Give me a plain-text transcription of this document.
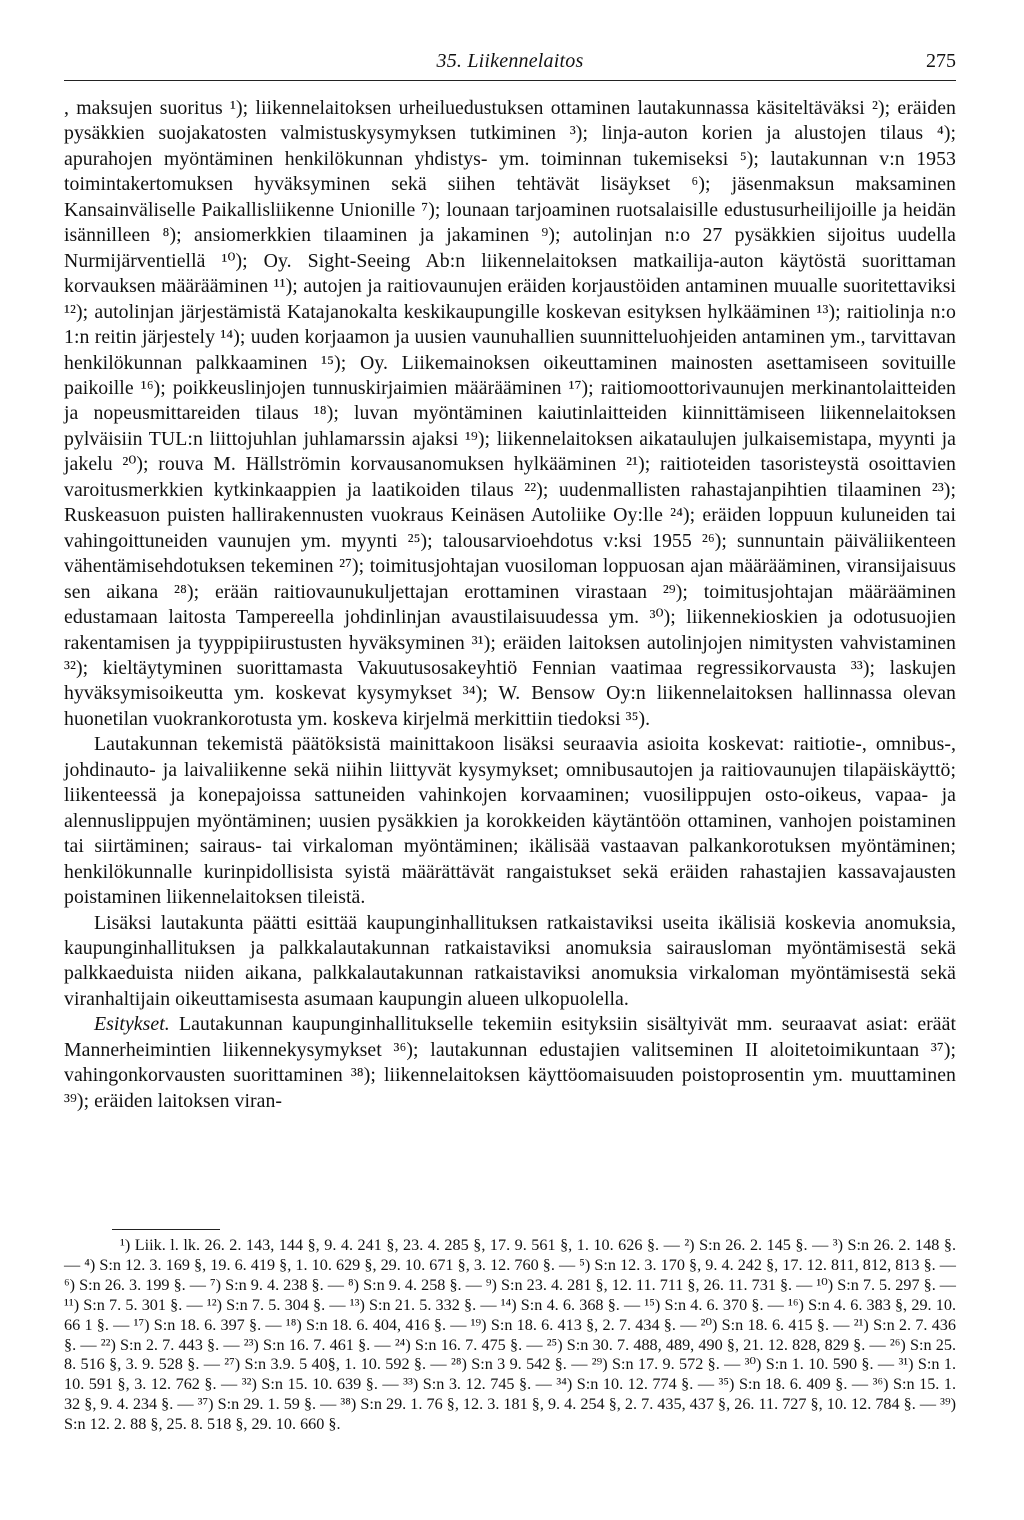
35. Liikennelaitos	275

, maksujen suoritus ¹); liikennelaitoksen urheiluedustuksen ottaminen lautakunnassa käsiteltäväksi ²); eräiden pysäkkien suojakatosten valmistuskysymyksen tutkiminen ³); linja-auton korien ja alustojen tilaus ⁴); apurahojen myöntäminen henkilökunnan yhdistys- ym. toiminnan tukemiseksi ⁵); lautakunnan v:n 1953 toimintakertomuksen hyväksyminen sekä siihen tehtävät lisäykset ⁶); jäsenmaksun maksaminen Kansainväliselle Paikallisliikenne Unionille ⁷); lounaan tarjoaminen ruotsalaisille edustusurheilijoille ja heidän isännilleen ⁸); ansiomerkkien tilaaminen ja jakaminen ⁹); autolinjan n:o 27 pysäkkien sijoitus uudella Nurmijärventiellä ¹⁰); Oy. Sight-Seeing Ab:n liikennelaitoksen matkailija-auton käytöstä suorittaman korvauksen määrääminen ¹¹); autojen ja raitiovaunujen eräiden korjaustöiden antaminen muualle suoritettaviksi ¹²); autolinjan järjestämistä Katajanokalta keskikaupungille koskevan esityksen hylkääminen ¹³); raitiolinja n:o 1:n reitin järjestely ¹⁴); uuden korjaamon ja uusien vaunuhallien suunnitteluohjeiden antaminen ym., tarvittavan henkilökunnan palkkaaminen ¹⁵); Oy. Liikemainoksen oikeuttaminen mainosten asettamiseen sovituille paikoille ¹⁶); poikkeuslinjojen tunnuskirjaimien määrääminen ¹⁷); raitiomoottorivaunujen merkinantolaitteiden ja nopeusmittareiden tilaus ¹⁸); luvan myöntäminen kaiutinlaitteiden kiinnittämiseen liikennelaitoksen pylväisiin TUL:n liittojuhlan juhlamarssin ajaksi ¹⁹); liikennelaitoksen aikataulujen julkaisemistapa, myynti ja jakelu ²⁰); rouva M. Hällströmin korvausanomuksen hylkääminen ²¹); raitioteiden tasoristeystä osoittavien varoitusmerkkien kytkinkaappien ja laatikoiden tilaus ²²); uudenmallisten rahastajanpihtien tilaaminen ²³); Ruskeasuon puisten hallirakennusten vuokraus Keinäsen Autoliike Oy:lle ²⁴); eräiden loppuun kuluneiden tai vahingoittuneiden vaunujen ym. myynti ²⁵); talousarvioehdotus v:ksi 1955 ²⁶); sunnuntain päiväliikenteen vähentämisehdotuksen tekeminen ²⁷); toimitusjohtajan vuosiloman loppuosan ajan määrääminen, viransijaisuus sen aikana ²⁸); erään raitiovaunukuljettajan erottaminen virastaan ²⁹); toimitusjohtajan määrääminen edustamaan laitosta Tampereella johdinlinjan avaustilaisuudessa ym. ³⁰); liikennekioskien ja odotusuojien rakentamisen ja tyyppipiirustusten hyväksyminen ³¹); eräiden laitoksen autolinjojen nimitysten vahvistaminen ³²); kieltäytyminen suorittamasta Vakuutusosakeyhtiö Fennian vaatimaa regressikorvausta ³³); laskujen hyväksymisoikeutta ym. koskevat kysymykset ³⁴); W. Bensow Oy:n liikennelaitoksen hallinnassa olevan huonetilan vuokrankorotusta ym. koskeva kirjelmä merkittiin tiedoksi ³⁵).

Lautakunnan tekemistä päätöksistä mainittakoon lisäksi seuraavia asioita koskevat: raitiotie-, omnibus-, johdinauto- ja laivaliikenne sekä niihin liittyvät kysymykset; omnibusautojen ja raitiovaunujen tilapäiskäyttö; liikenteessä ja konepajoissa sattuneiden vahinkojen korvaaminen; vuosilippujen osto-oikeus, vapaa- ja alennuslippujen myöntäminen; uusien pysäkkien ja korokkeiden käytäntöön ottaminen, vanhojen poistaminen tai siirtäminen; sairaus- tai virkaloman myöntäminen; ikälisää vastaavan palkankorotuksen myöntäminen; henkilökunnalle kurinpidollisista syistä määrättävät rangaistukset sekä eräiden rahastajien kassavajausten poistaminen liikennelaitoksen tileistä.

Lisäksi lautakunta päätti esittää kaupunginhallituksen ratkaistaviksi useita ikälisiä koskevia anomuksia, kaupunginhallituksen ja palkkalautakunnan ratkaistaviksi anomuksia sairausloman myöntämisestä sekä palkkaeduista niiden aikana, palkkalautakunnan ratkaistaviksi anomuksia virkaloman myöntämisestä sekä viranhaltijain oikeuttamisesta asumaan kaupungin alueen ulkopuolella.

Esitykset. Lautakunnan kaupunginhallitukselle tekemiin esityksiin sisältyivät mm. seuraavat asiat: eräät Mannerheimintien liikennekysymykset ³⁶); lautakunnan edustajien valitseminen II aloitetoimikuntaan ³⁷); vahingonkorvausten suorittaminen ³⁸); liikennelaitoksen käyttöomaisuuden poistoprosentin ym. muuttaminen ³⁹); eräiden laitoksen viran-

¹) Liik. l. lk. 26. 2. 143, 144 §, 9. 4. 241 §, 23. 4. 285 §, 17. 9. 561 §, 1. 10. 626 §. — ²) S:n 26. 2. 145 §. — ³) S:n 26. 2. 148 §. — ⁴) S:n 12. 3. 169 §, 19. 6. 419 §, 1. 10. 629 §, 29. 10. 671 §, 3. 12. 760 §. — ⁵) S:n 12. 3. 170 §, 9. 4. 242 §, 17. 12. 811, 812, 813 §. — ⁶) S:n 26. 3. 199 §. — ⁷) S:n 9. 4. 238 §. — ⁸) S:n 9. 4. 258 §. — ⁹) S:n 23. 4. 281 §, 12. 11. 711 §, 26. 11. 731 §. — ¹⁰) S:n 7. 5. 297 §. — ¹¹) S:n 7. 5. 301 §. — ¹²) S:n 7. 5. 304 §. — ¹³) S:n 21. 5. 332 §. — ¹⁴) S:n 4. 6. 368 §. — ¹⁵) S:n 4. 6. 370 §. — ¹⁶) S:n 4. 6. 383 §, 29. 10. 66 1 §. — ¹⁷) S:n 18. 6. 397 §. — ¹⁸) S:n 18. 6. 404, 416 §. — ¹⁹) S:n 18. 6. 413 §, 2. 7. 434 §. — ²⁰) S:n 18. 6. 415 §. — ²¹) S:n 2. 7. 436 §. — ²²) S:n 2. 7. 443 §. — ²³) S:n 16. 7. 461 §. — ²⁴) S:n 16. 7. 475 §. — ²⁵) S:n 30. 7. 488, 489, 490 §, 21. 12. 828, 829 §. — ²⁶) S:n 25. 8. 516 §, 3. 9. 528 §. — ²⁷) S:n 3.9. 5 40§, 1. 10. 592 §. — ²⁸) S:n 3 9. 542 §. — ²⁹) S:n 17. 9. 572 §. — ³⁰) S:n 1. 10. 590 §. — ³¹) S:n 1. 10. 591 §, 3. 12. 762 §. — ³²) S:n 15. 10. 639 §. — ³³) S:n 3. 12. 745 §. — ³⁴) S:n 10. 12. 774 §. — ³⁵) S:n 18. 6. 409 §. — ³⁶) S:n 15. 1. 32 §, 9. 4. 234 §. — ³⁷) S:n 29. 1. 59 §. — ³⁸) S:n 29. 1. 76 §, 12. 3. 181 §, 9. 4. 254 §, 2. 7. 435, 437 §, 26. 11. 727 §, 10. 12. 784 §. — ³⁹) S:n 12. 2. 88 §, 25. 8. 518 §, 29. 10. 660 §.
